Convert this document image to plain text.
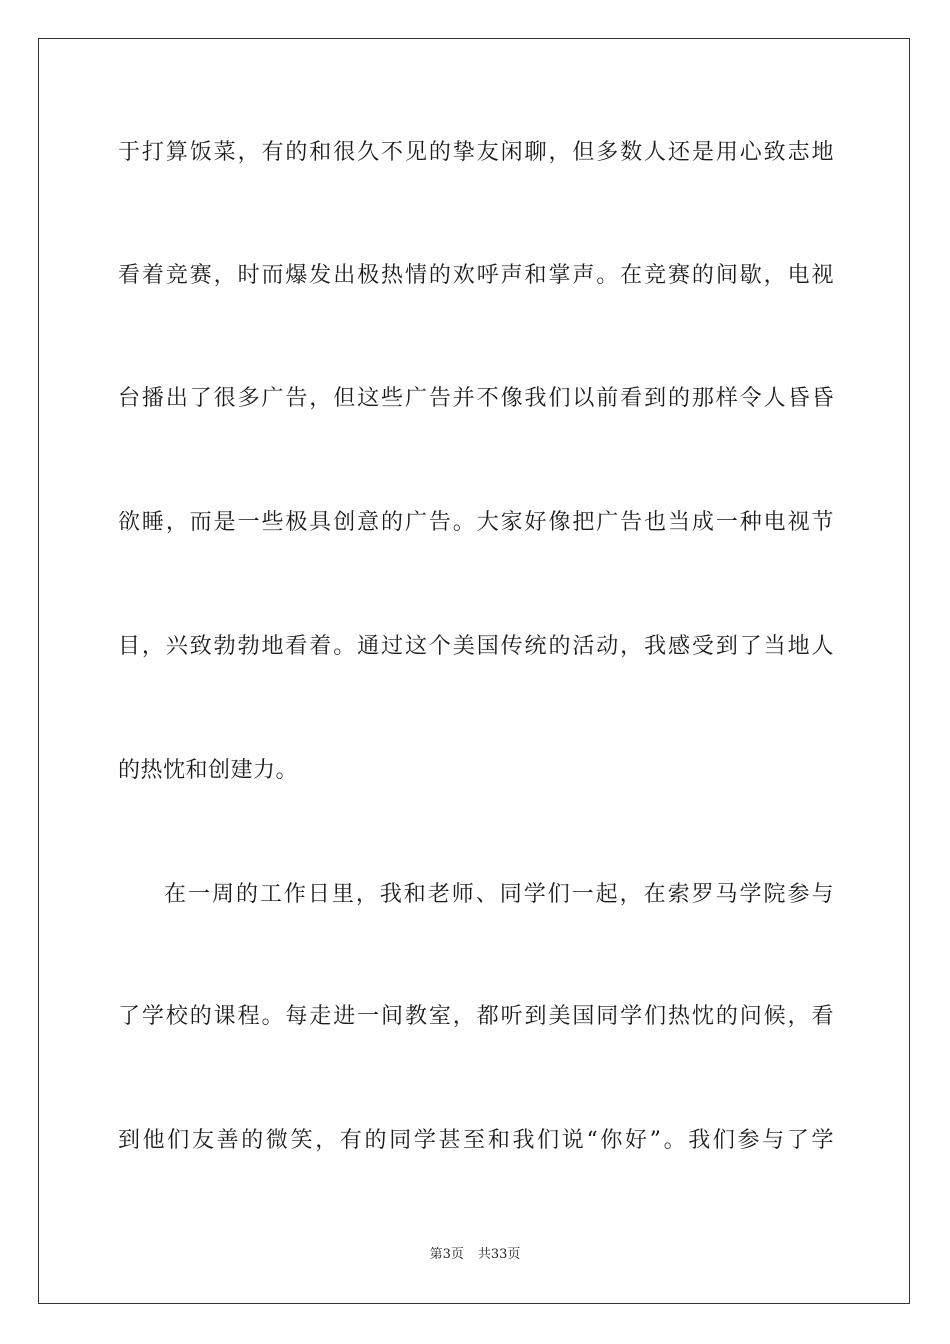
于打算饭菜，有的和很久不见的挚友闲聊，但多数人还是用心致志地
看着竞赛，时而爆发出极热情的欢呼声和掌声。在竞赛的间歇，电视
台播出了很多广告，但这些广告并不像我们以前看到的那样令人昏昏
欲睡，而是一些极具创意的广告。大家好像把广告也当成一种电视节
目，兴致勃勃地看着。通过这个美国传统的活动，我感受到了当地人
的热忱和创建力。
在一周的工作日里，我和老师、同学们一起，在索罗马学院参与
了学校的课程。每走进一间教室，都听到美国同学们热忱的问候，看
到他们友善的微笑，有的同学甚至和我们说“你好”。我们参与了学
第3页 共33页
